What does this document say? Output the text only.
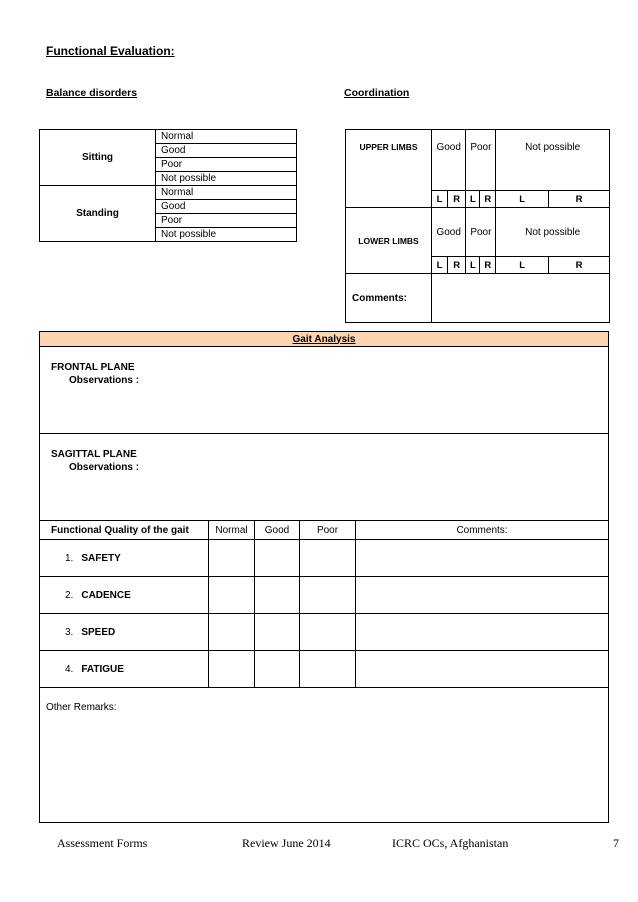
Functional Evaluation:
Balance disorders	Coordination
Sitting	Normal
	Good
	Poor
	Not possible
Standing	Normal
	Good
	Poor
	Not possible
UPPER LIMBS	Good		Poor		Not possible	
	L	R	L	R	L	R
LOWER LIMBS	Good		Poor		Not possible	
	L	R	L	R	L	R
Comments:						
Gait Analysis				
FRONTAL PLANE
Observations :				

SAGITTAL PLANE
Observations :				

Functional Quality of the gait	Normal	Good	Poor	Comments:
1. SAFETY				
2. CADENCE				
3. SPEED				
4. FATIGUE				
Other Remarks:				
Assessment Forms	Review June 2014	ICRC OCs, Afghanistan	7
